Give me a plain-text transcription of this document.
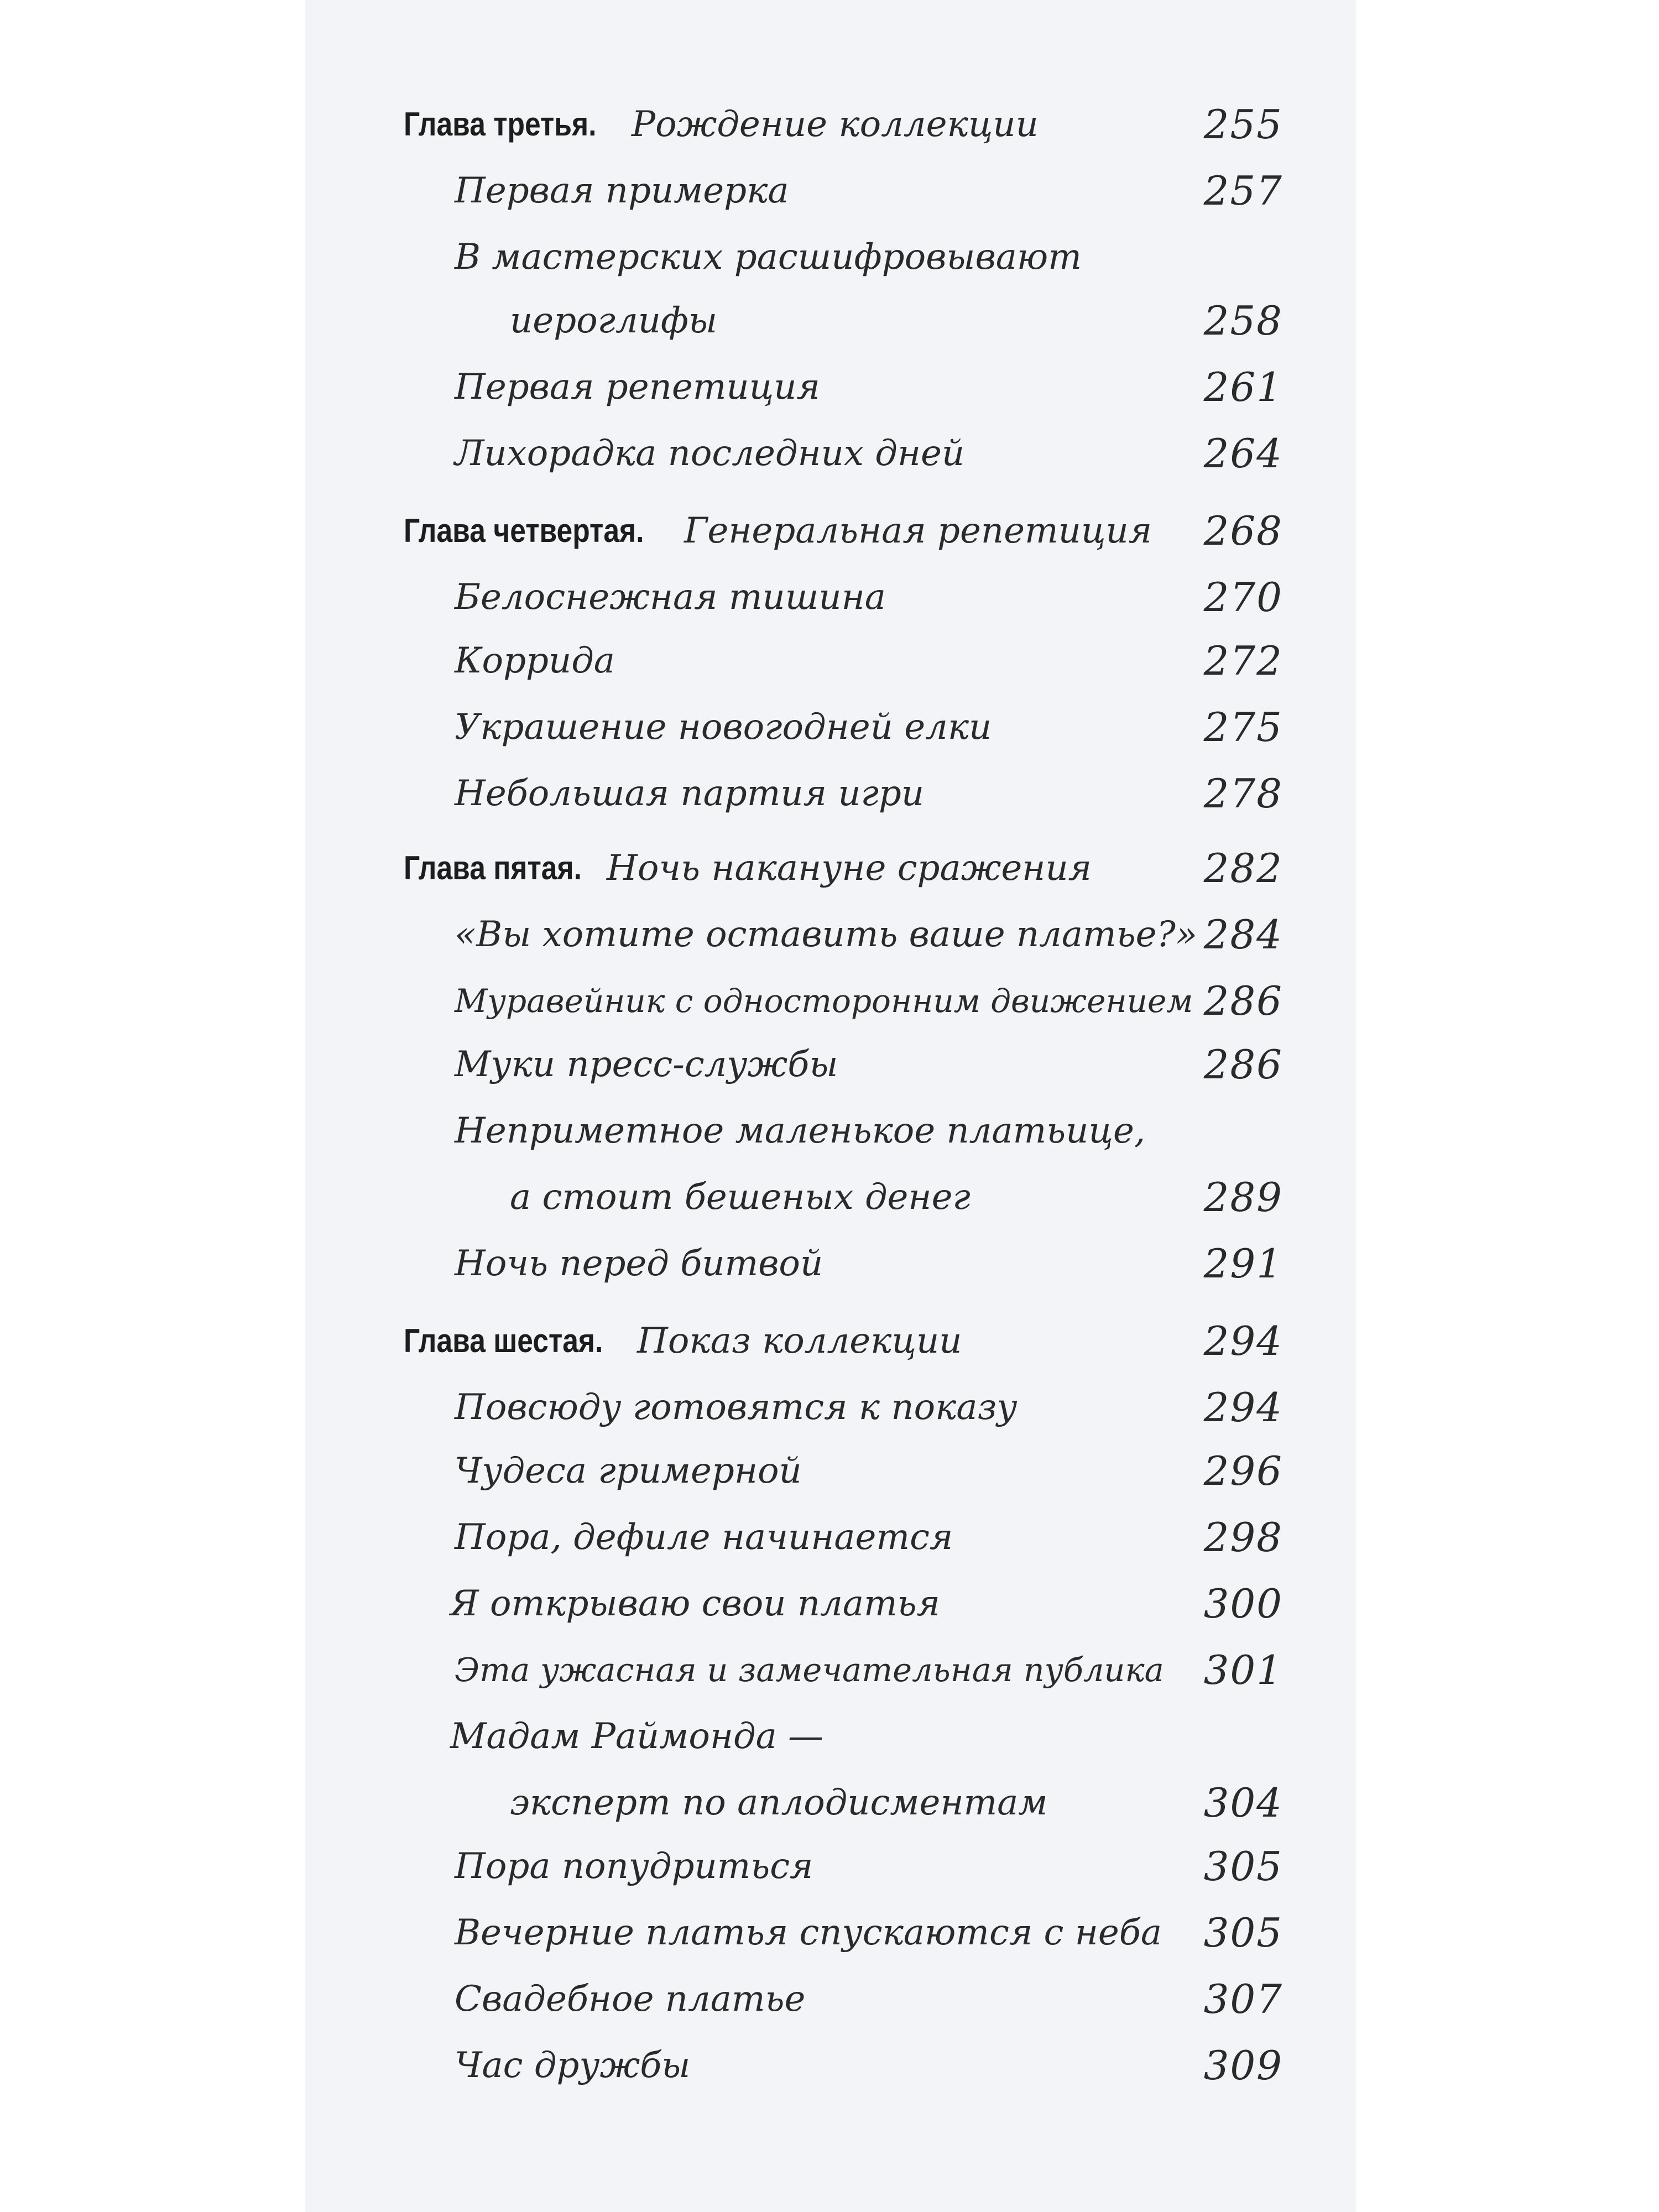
Глава третья. Рождение коллекции	255
Первая примерка	257
В мастерских расшифровывают
иероглифы	258
Первая репетиция	261
Лихорадка последних дней	264
Глава четвертая. Генеральная репетиция 268
Белоснежная тишина	270
Коррида	272
Украшение новогодней елки	275
Небольшая партия игри	278
Глава пятая. Ночь накануне сражения	282
«Вы хотите оставить ваше платье?» 284
Муравейник с односторонним движением 286
Муки пресс-службы	286
Неприметное маленькое платьице,
а стоит бешеных денег	289
Ночь перед битвой	291
Глава шестая. Показ коллекции	294
Повсюду готовятся к показу	294
Чудеса гримерной	296
Пора, дефиле начинается	298
Я открываю свои платья	300
Эта ужасная и замечательная публика 301
Мадам Раймонда —
эксперт по аплодисментам	304
Пора попудриться	305
Вечерние платья спускаются с неба 305
Свадебное платье	307
Час дружбы	309
